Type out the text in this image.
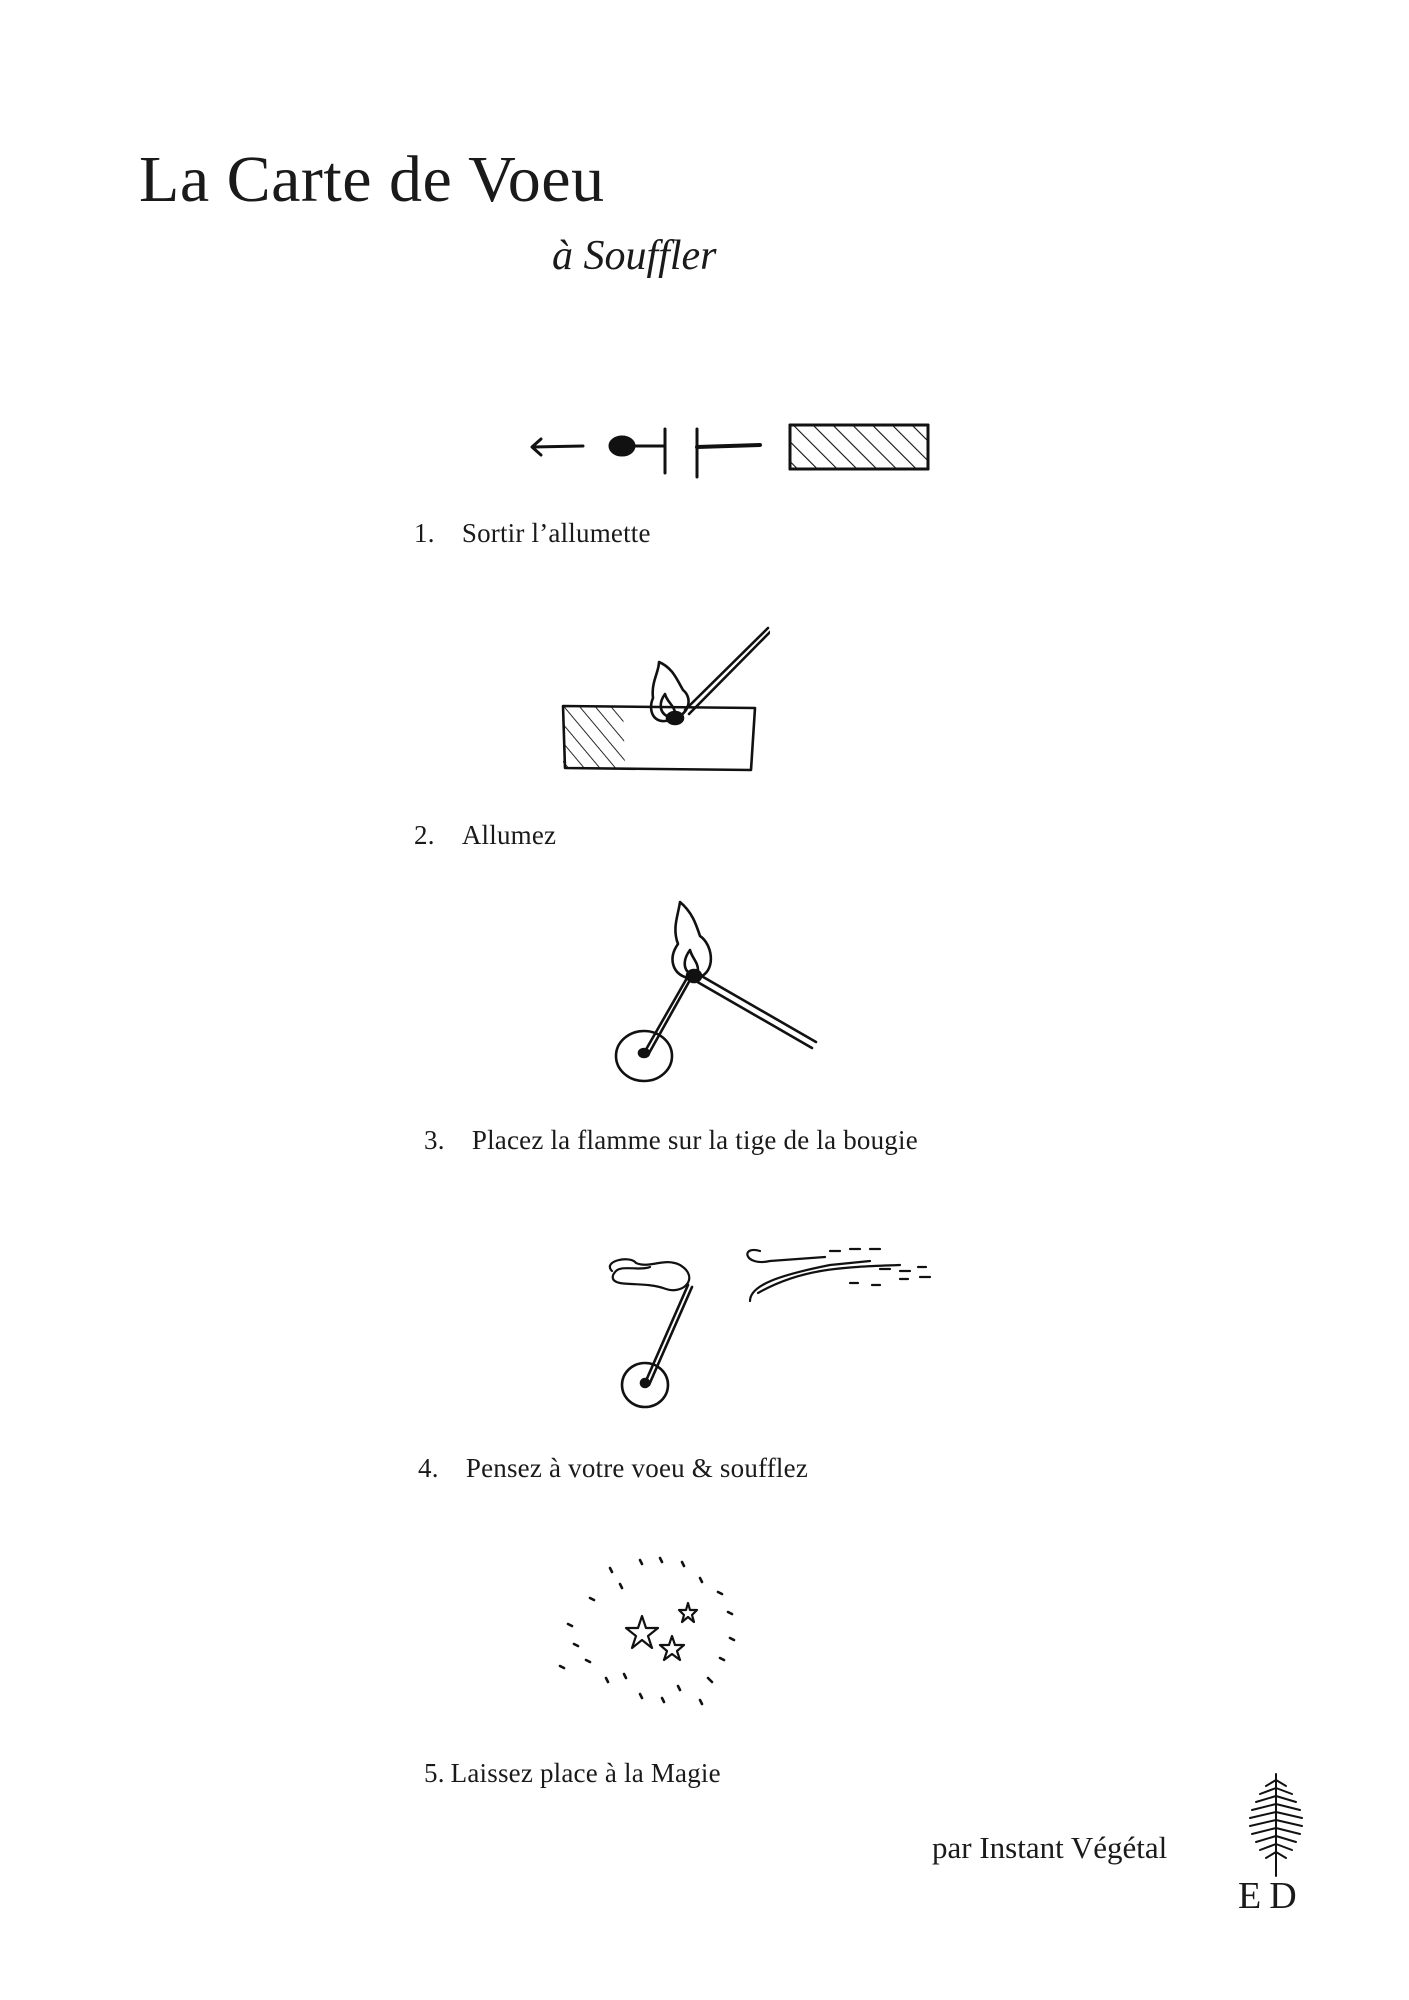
La Carte de Voeu
à Souffler
1.  Sortir l’allumette
2.  Allumez
3.  Placez la flamme sur la tige de la bougie
4.  Pensez à votre voeu & soufflez
5. Laissez place à la Magie
par Instant Végétal
ED
